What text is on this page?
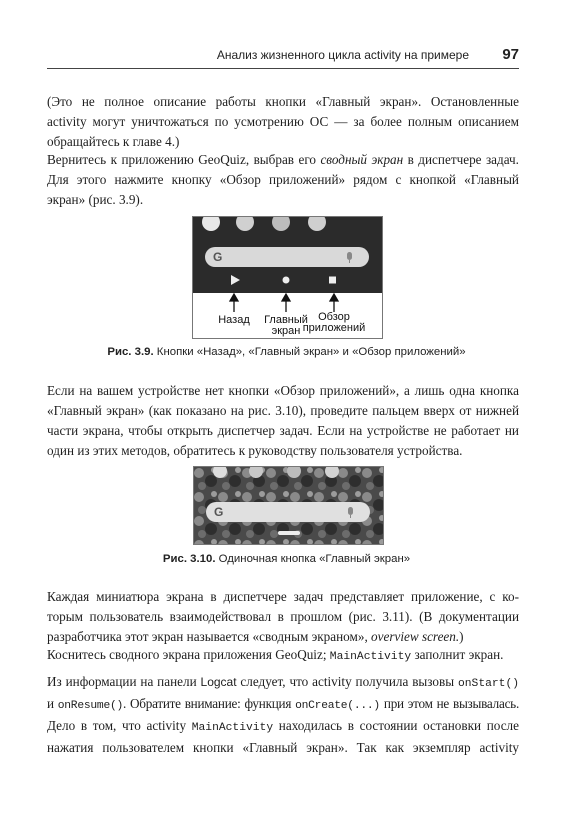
Анализ жизненного цикла activity на примере 97

(Это не полное описание работы кнопки «Главный экран». Остановленные
activity могут уничтожаться по усмотрению ОС — за более полным описанием
обращайтесь к главе 4.)

Вернитесь к приложению GeoQuiz, выбрав его сводный экран в диспетчере задач.
Для этого нажмите кнопку «Обзор приложений» рядом с кнопкой «Главный
экран» (рис. 3.9).

G
Назад Главный
экран
Обзор
приложений
Рис. 3.9. Кнопки «Назад», «Главный экран» и «Обзор приложений»

Если на вашем устройстве нет кнопки «Обзор приложений», а лишь одна кнопка
«Главный экран» (как показано на рис. 3.10), проведите пальцем вверх от нижней
части экрана, чтобы открыть диспетчер задач. Если на устройстве не работает ни
один из этих методов, обратитесь к руководству пользователя устройства.

G
Рис. 3.10. Одиночная кнопка «Главный экран»

Каждая миниатюра экрана в диспетчере задач представляет приложение, с ко-
торым пользователь взаимодействовал в прошлом (рис. 3.11). (В документации
разработчика этот экран называется «сводным экраном», overview screen.)

Коснитесь сводного экрана приложения GeoQuiz; MainActivity заполнит экран.

Из информации на панели Logcat следует, что activity получила вызовы onStart()
и onResume(). Обратите внимание: функция onCreate(...) при этом не вызывалась.
Дело в том, что activity MainActivity находилась в состоянии остановки после
нажатия пользователем кнопки «Главный экран». Так как экземпляр activity
